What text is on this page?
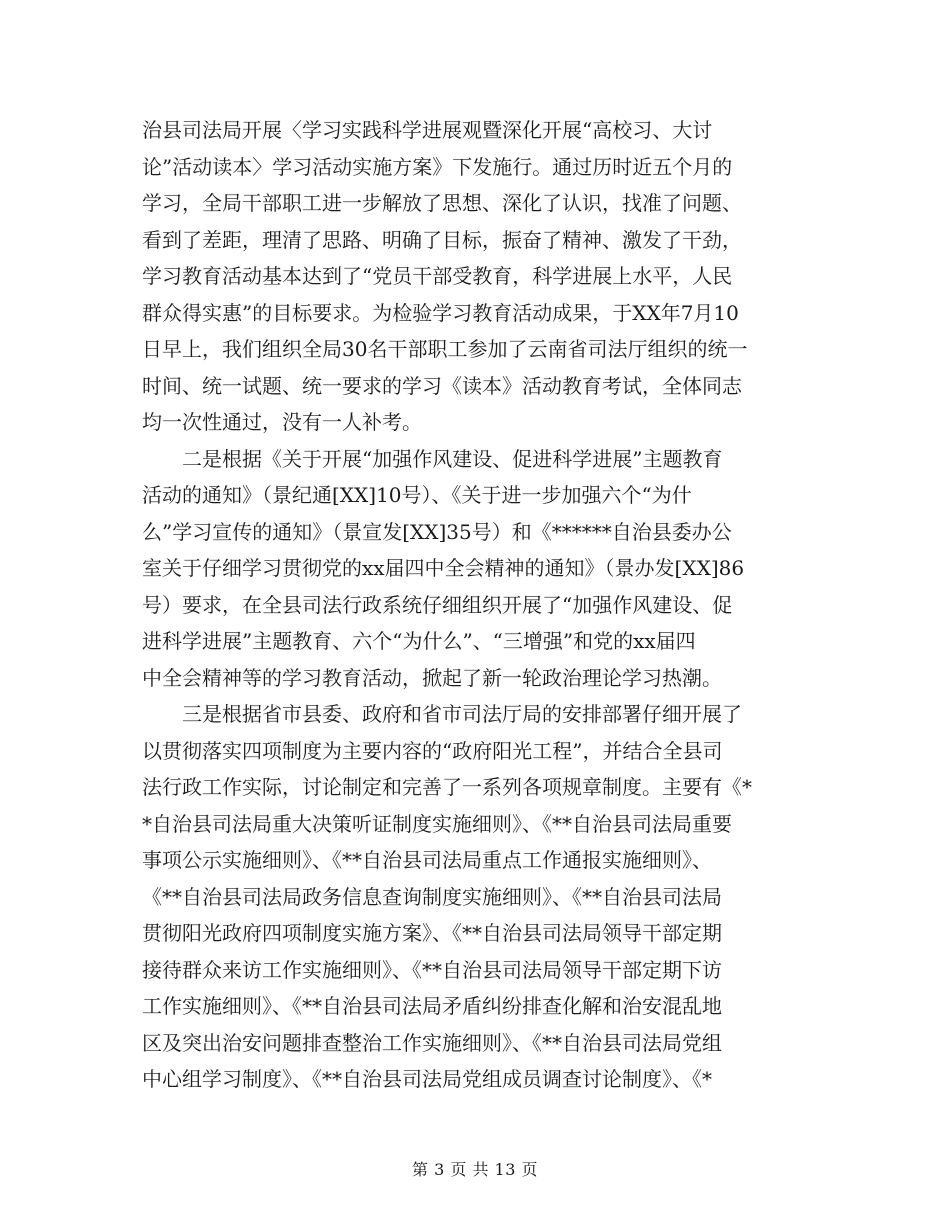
治县司法局开展〈学习实践科学进展观暨深化开展“高校习、大讨
论”活动读本〉学习活动实施方案》下发施行。通过历时近五个月的
学习，全局干部职工进一步解放了思想、深化了认识，找准了问题、
看到了差距，理清了思路、明确了目标，振奋了精神、激发了干劲，
学习教育活动基本达到了“党员干部受教育，科学进展上水平，人民
群众得实惠”的目标要求。为检验学习教育活动成果，于XX年7月10
日早上，我们组织全局30名干部职工参加了云南省司法厅组织的统一
时间、统一试题、统一要求的学习《读本》活动教育考试，全体同志
均一次性通过，没有一人补考。
　　二是根据《关于开展“加强作风建设、促进科学进展”主题教育
活动的通知》（景纪通[XX]10号）、《关于进一步加强六个“为什
么”学习宣传的通知》（景宣发[XX]35号）和《******自治县委办公
室关于仔细学习贯彻党的xx届四中全会精神的通知》（景办发[XX]86
号）要求，在全县司法行政系统仔细组织开展了“加强作风建设、促
进科学进展”主题教育、六个“为什么”、“三增强”和党的xx届四
中全会精神等的学习教育活动，掀起了新一轮政治理论学习热潮。
　　三是根据省市县委、政府和省市司法厅局的安排部署仔细开展了
以贯彻落实四项制度为主要内容的“政府阳光工程”，并结合全县司
法行政工作实际，讨论制定和完善了一系列各项规章制度。主要有《*
*自治县司法局重大决策听证制度实施细则》、《**自治县司法局重要
事项公示实施细则》、《**自治县司法局重点工作通报实施细则》、
《**自治县司法局政务信息查询制度实施细则》、《**自治县司法局
贯彻阳光政府四项制度实施方案》、《**自治县司法局领导干部定期
接待群众来访工作实施细则》、《**自治县司法局领导干部定期下访
工作实施细则》、《**自治县司法局矛盾纠纷排查化解和治安混乱地
区及突出治安问题排查整治工作实施细则》、《**自治县司法局党组
中心组学习制度》、《**自治县司法局党组成员调查讨论制度》、《*
第 3 页 共 13 页
